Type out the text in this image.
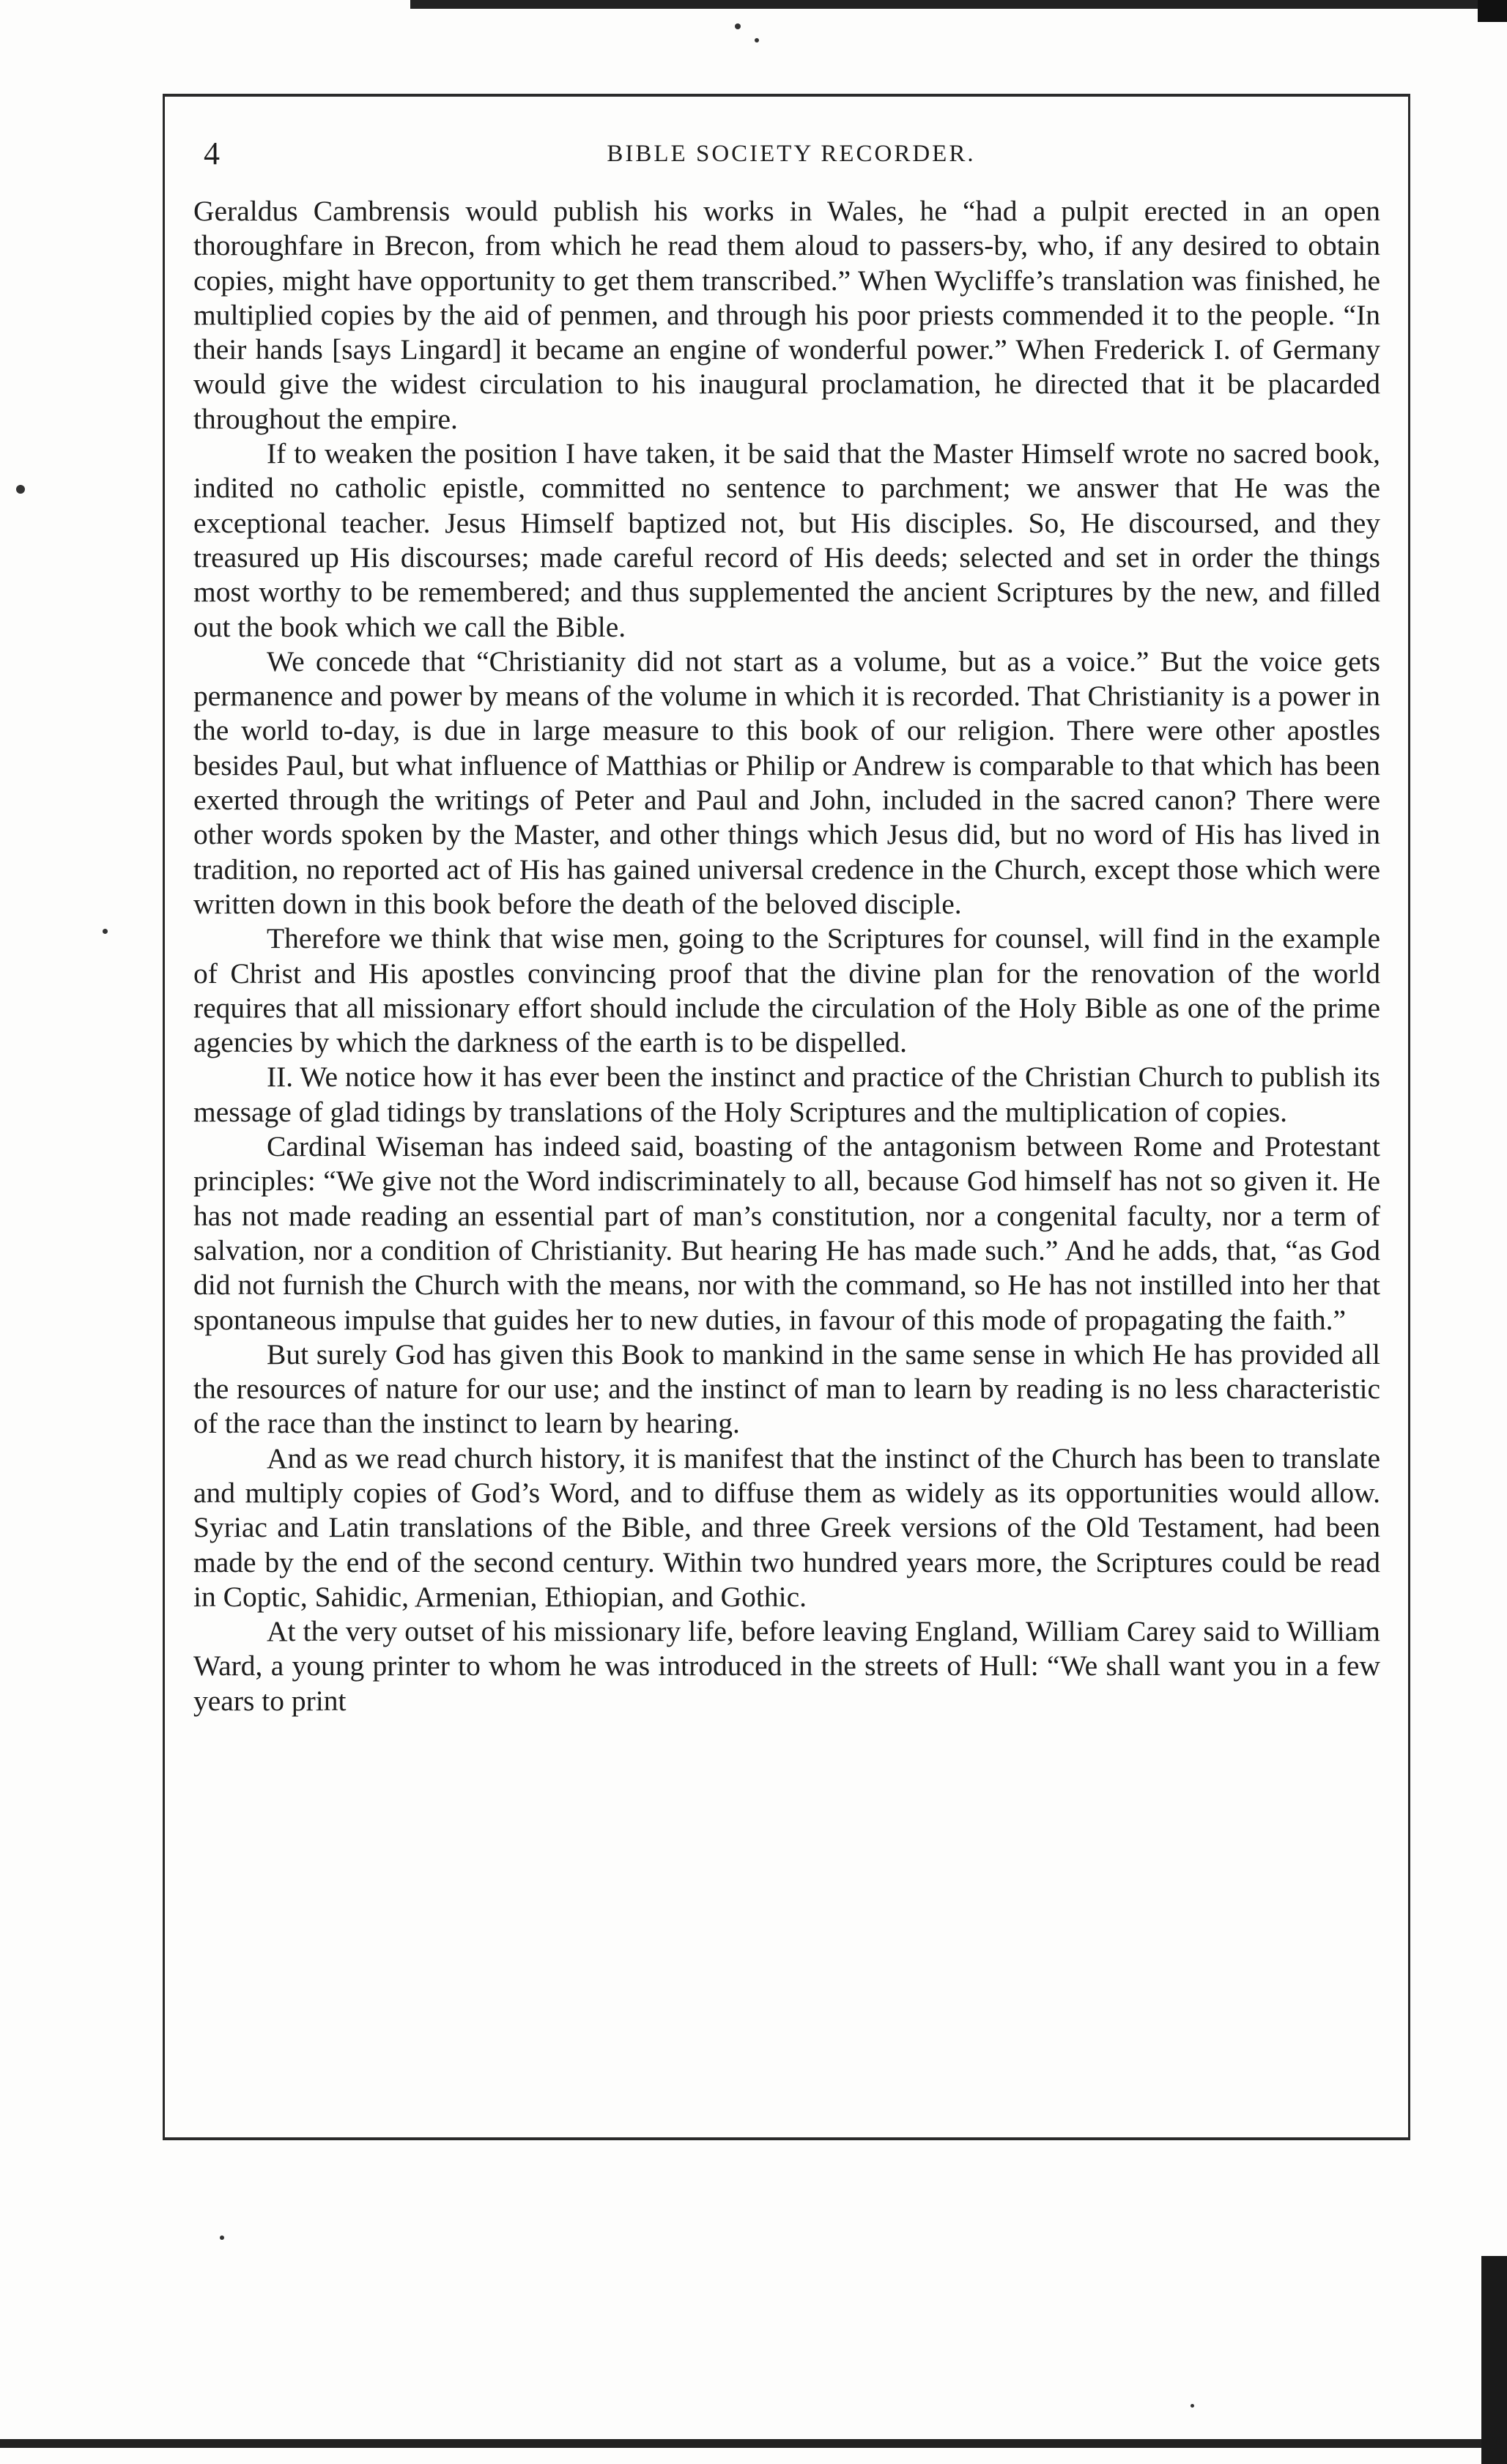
4	BIBLE SOCIETY RECORDER.

Geraldus Cambrensis would publish his works in Wales, he “had a pulpit erected in an open thoroughfare in Brecon, from which he read them aloud to passers-by, who, if any desired to obtain copies, might have opportunity to get them transcribed.” When Wycliffe’s translation was finished, he multiplied copies by the aid of penmen, and through his poor priests commended it to the people. “In their hands [says Lingard] it became an engine of wonderful power.” When Frederick I. of Germany would give the widest circulation to his inaugural proclamation, he directed that it be placarded throughout the empire.

If to weaken the position I have taken, it be said that the Master Himself wrote no sacred book, indited no catholic epistle, committed no sentence to parchment; we answer that He was the exceptional teacher. Jesus Himself baptized not, but His disciples. So, He discoursed, and they treasured up His discourses; made careful record of His deeds; selected and set in order the things most worthy to be remembered; and thus supplemented the ancient Scriptures by the new, and filled out the book which we call the Bible.

We concede that “Christianity did not start as a volume, but as a voice.” But the voice gets permanence and power by means of the volume in which it is recorded. That Christianity is a power in the world to-day, is due in large measure to this book of our religion. There were other apostles besides Paul, but what influence of Matthias or Philip or Andrew is comparable to that which has been exerted through the writings of Peter and Paul and John, included in the sacred canon? There were other words spoken by the Master, and other things which Jesus did, but no word of His has lived in tradition, no reported act of His has gained universal credence in the Church, except those which were written down in this book before the death of the beloved disciple.

Therefore we think that wise men, going to the Scriptures for counsel, will find in the example of Christ and His apostles convincing proof that the divine plan for the renovation of the world requires that all missionary effort should include the circulation of the Holy Bible as one of the prime agencies by which the darkness of the earth is to be dispelled.

II. We notice how it has ever been the instinct and practice of the Christian Church to publish its message of glad tidings by translations of the Holy Scriptures and the multiplication of copies.

Cardinal Wiseman has indeed said, boasting of the antagonism between Rome and Protestant principles: “We give not the Word indiscriminately to all, because God himself has not so given it. He has not made reading an essential part of man’s constitution, nor a congenital faculty, nor a term of salvation, nor a condition of Christianity. But hearing He has made such.” And he adds, that, “as God did not furnish the Church with the means, nor with the command, so He has not instilled into her that spontaneous impulse that guides her to new duties, in favour of this mode of propagating the faith.”

But surely God has given this Book to mankind in the same sense in which He has provided all the resources of nature for our use; and the instinct of man to learn by reading is no less characteristic of the race than the instinct to learn by hearing.

And as we read church history, it is manifest that the instinct of the Church has been to translate and multiply copies of God’s Word, and to diffuse them as widely as its opportunities would allow. Syriac and Latin translations of the Bible, and three Greek versions of the Old Testament, had been made by the end of the second century. Within two hundred years more, the Scriptures could be read in Coptic, Sahidic, Armenian, Ethiopian, and Gothic.

At the very outset of his missionary life, before leaving England, William Carey said to William Ward, a young printer to whom he was introduced in the streets of Hull: “We shall want you in a few years to print
